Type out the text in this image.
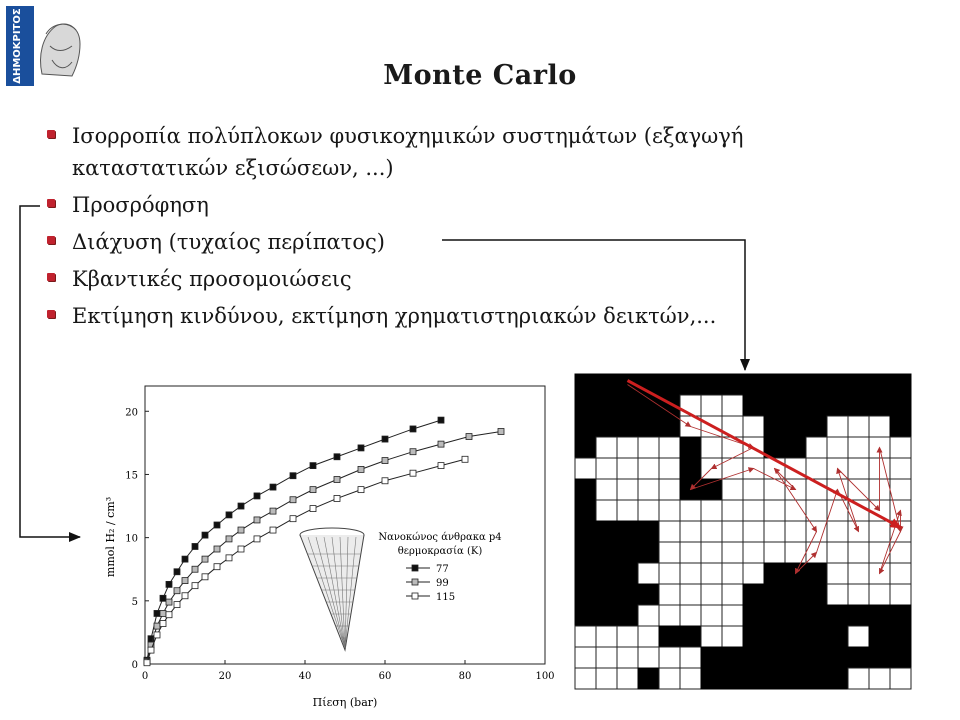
ΔΗΜΟΚΡΙΤΟΣ	Monte Carlo
Ισορροπία πολύπλοκων φυσικοχημικών συστημάτων (εξαγωγή καταστατικών εξισώσεων, ...)
Προσρόφηση
Διάχυση (τυχαίος περίπατος)
Κβαντικές προσομοιώσεις
Εκτίμηση κινδύνου, εκτίμηση χρηματιστηριακών δεικτών,...
0	20	40	60	80	100
0
5
10
15
20
Πίεση (bar)
mmol H₂ / cm³	Νανοκώνος άνθρακα p4
θερμοκρασία (K)
77
99
115
